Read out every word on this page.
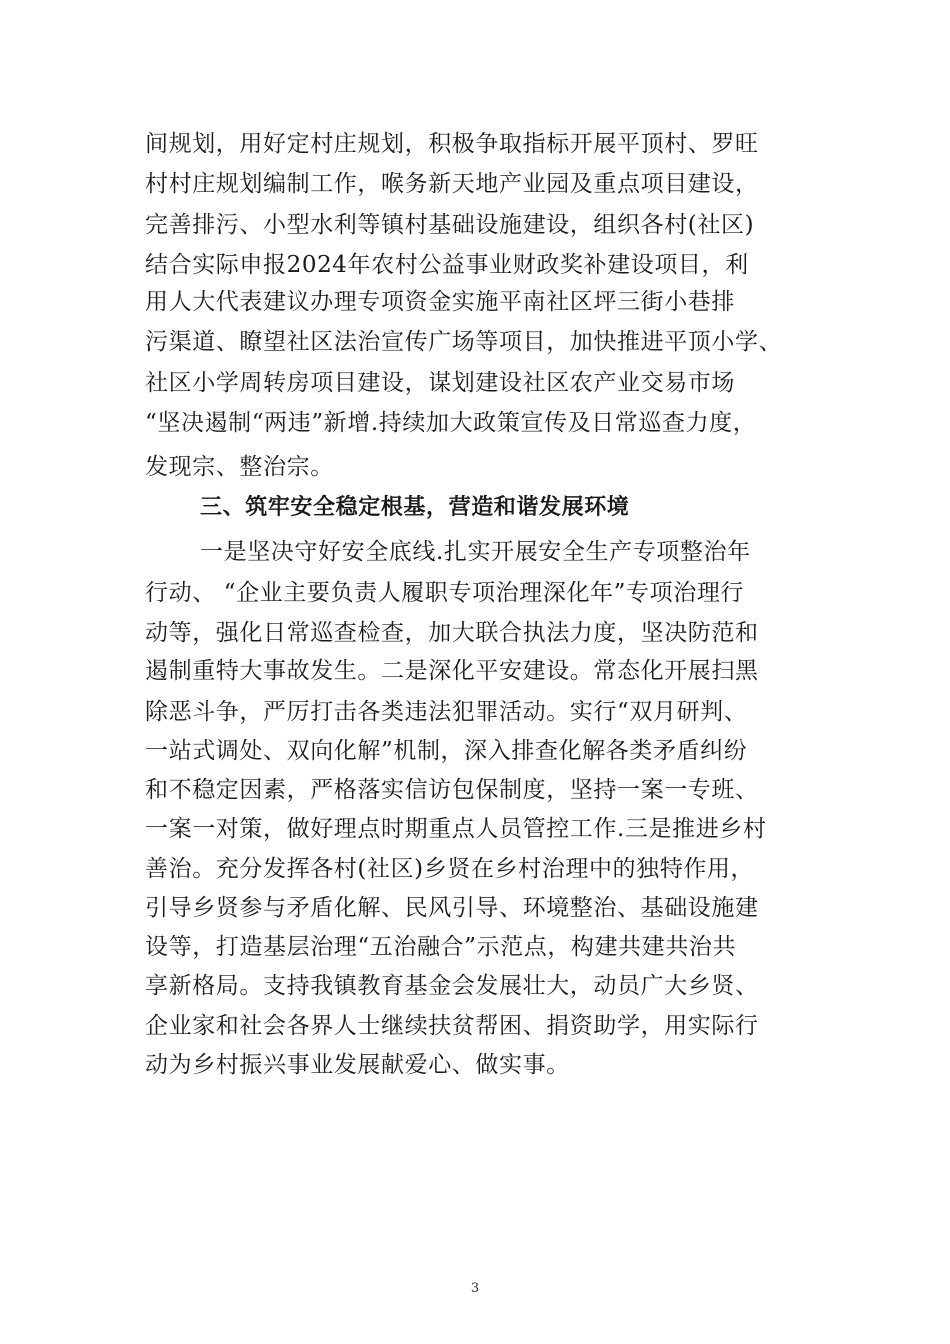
间规划，用好定村庄规划，积极争取指标开展平顶村、罗旺
村村庄规划编制工作，喉务新天地产业园及重点项目建设，
完善排污、小型水利等镇村基础设施建设，组织各村(社区)
结合实际申报2024年农村公益事业财政奖补建设项目，利
用人大代表建议办理专项资金实施平南社区坪三街小巷排
污渠道、瞭望社区法治宣传广场等项目，加快推进平顶小学、
社区小学周转房项目建设，谋划建设社区农产业交易市场
“坚决遏制“两违”新增.持续加大政策宣传及日常巡查力度，
发现宗、整治宗。
三、筑牢安全稳定根基，营造和谐发展环境
一是坚决守好安全底线.扎实开展安全生产专项整治年
行动、 “企业主要负责人履职专项治理深化年”专项治理行
动等，强化日常巡查检查，加大联合执法力度，坚决防范和
遏制重特大事故发生。二是深化平安建设。常态化开展扫黑
除恶斗争，严厉打击各类违法犯罪活动。实行“双月研判、
一站式调处、双向化解”机制，深入排查化解各类矛盾纠纷
和不稳定因素，严格落实信访包保制度，坚持一案一专班、
一案一对策，做好理点时期重点人员管控工作.三是推进乡村
善治。充分发挥各村(社区)乡贤在乡村治理中的独特作用，
引导乡贤参与矛盾化解、民风引导、环境整治、基础设施建
设等，打造基层治理“五治融合”示范点，构建共建共治共
享新格局。支持我镇教育基金会发展壮大，动员广大乡贤、
企业家和社会各界人士继续扶贫帮困、捐资助学，用实际行
动为乡村振兴事业发展献爱心、做实事。
3
